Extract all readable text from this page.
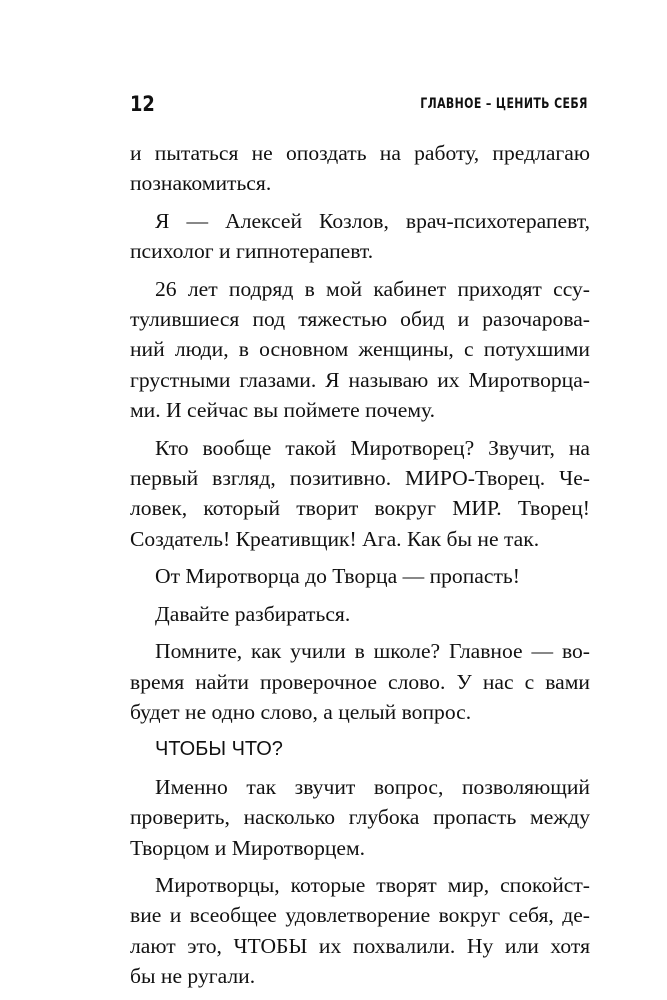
12	ГЛАВНОЕ – ЦЕНИТЬ СЕБЯ
и пытаться не опоздать на работу, предлагаю
познакомиться.
Я — Алексей Козлов, врач-психотерапевт,
психолог и гипнотерапевт.
26 лет подряд в мой кабинет приходят ссу-
тулившиеся под тяжестью обид и разочарова-
ний люди, в основном женщины, с потухшими
грустными глазами. Я называю их Миротворца-
ми. И сейчас вы поймете почему.
Кто вообще такой Миротворец? Звучит, на
первый взгляд, позитивно. МИРО-Творец. Че-
ловек, который творит вокруг МИР. Творец!
Создатель! Креативщик! Ага. Как бы не так.
От Миротворца до Творца — пропасть!
Давайте разбираться.
Помните, как учили в школе? Главное — во-
время найти проверочное слово. У нас с вами
будет не одно слово, а целый вопрос.
ЧТОБЫ ЧТО?
Именно так звучит вопрос, позволяющий
проверить, насколько глубока пропасть между
Творцом и Миротворцем.
Миротворцы, которые творят мир, спокойст-
вие и всеобщее удовлетворение вокруг себя, де-
лают это, ЧТОБЫ их похвалили. Ну или хотя
бы не ругали.
